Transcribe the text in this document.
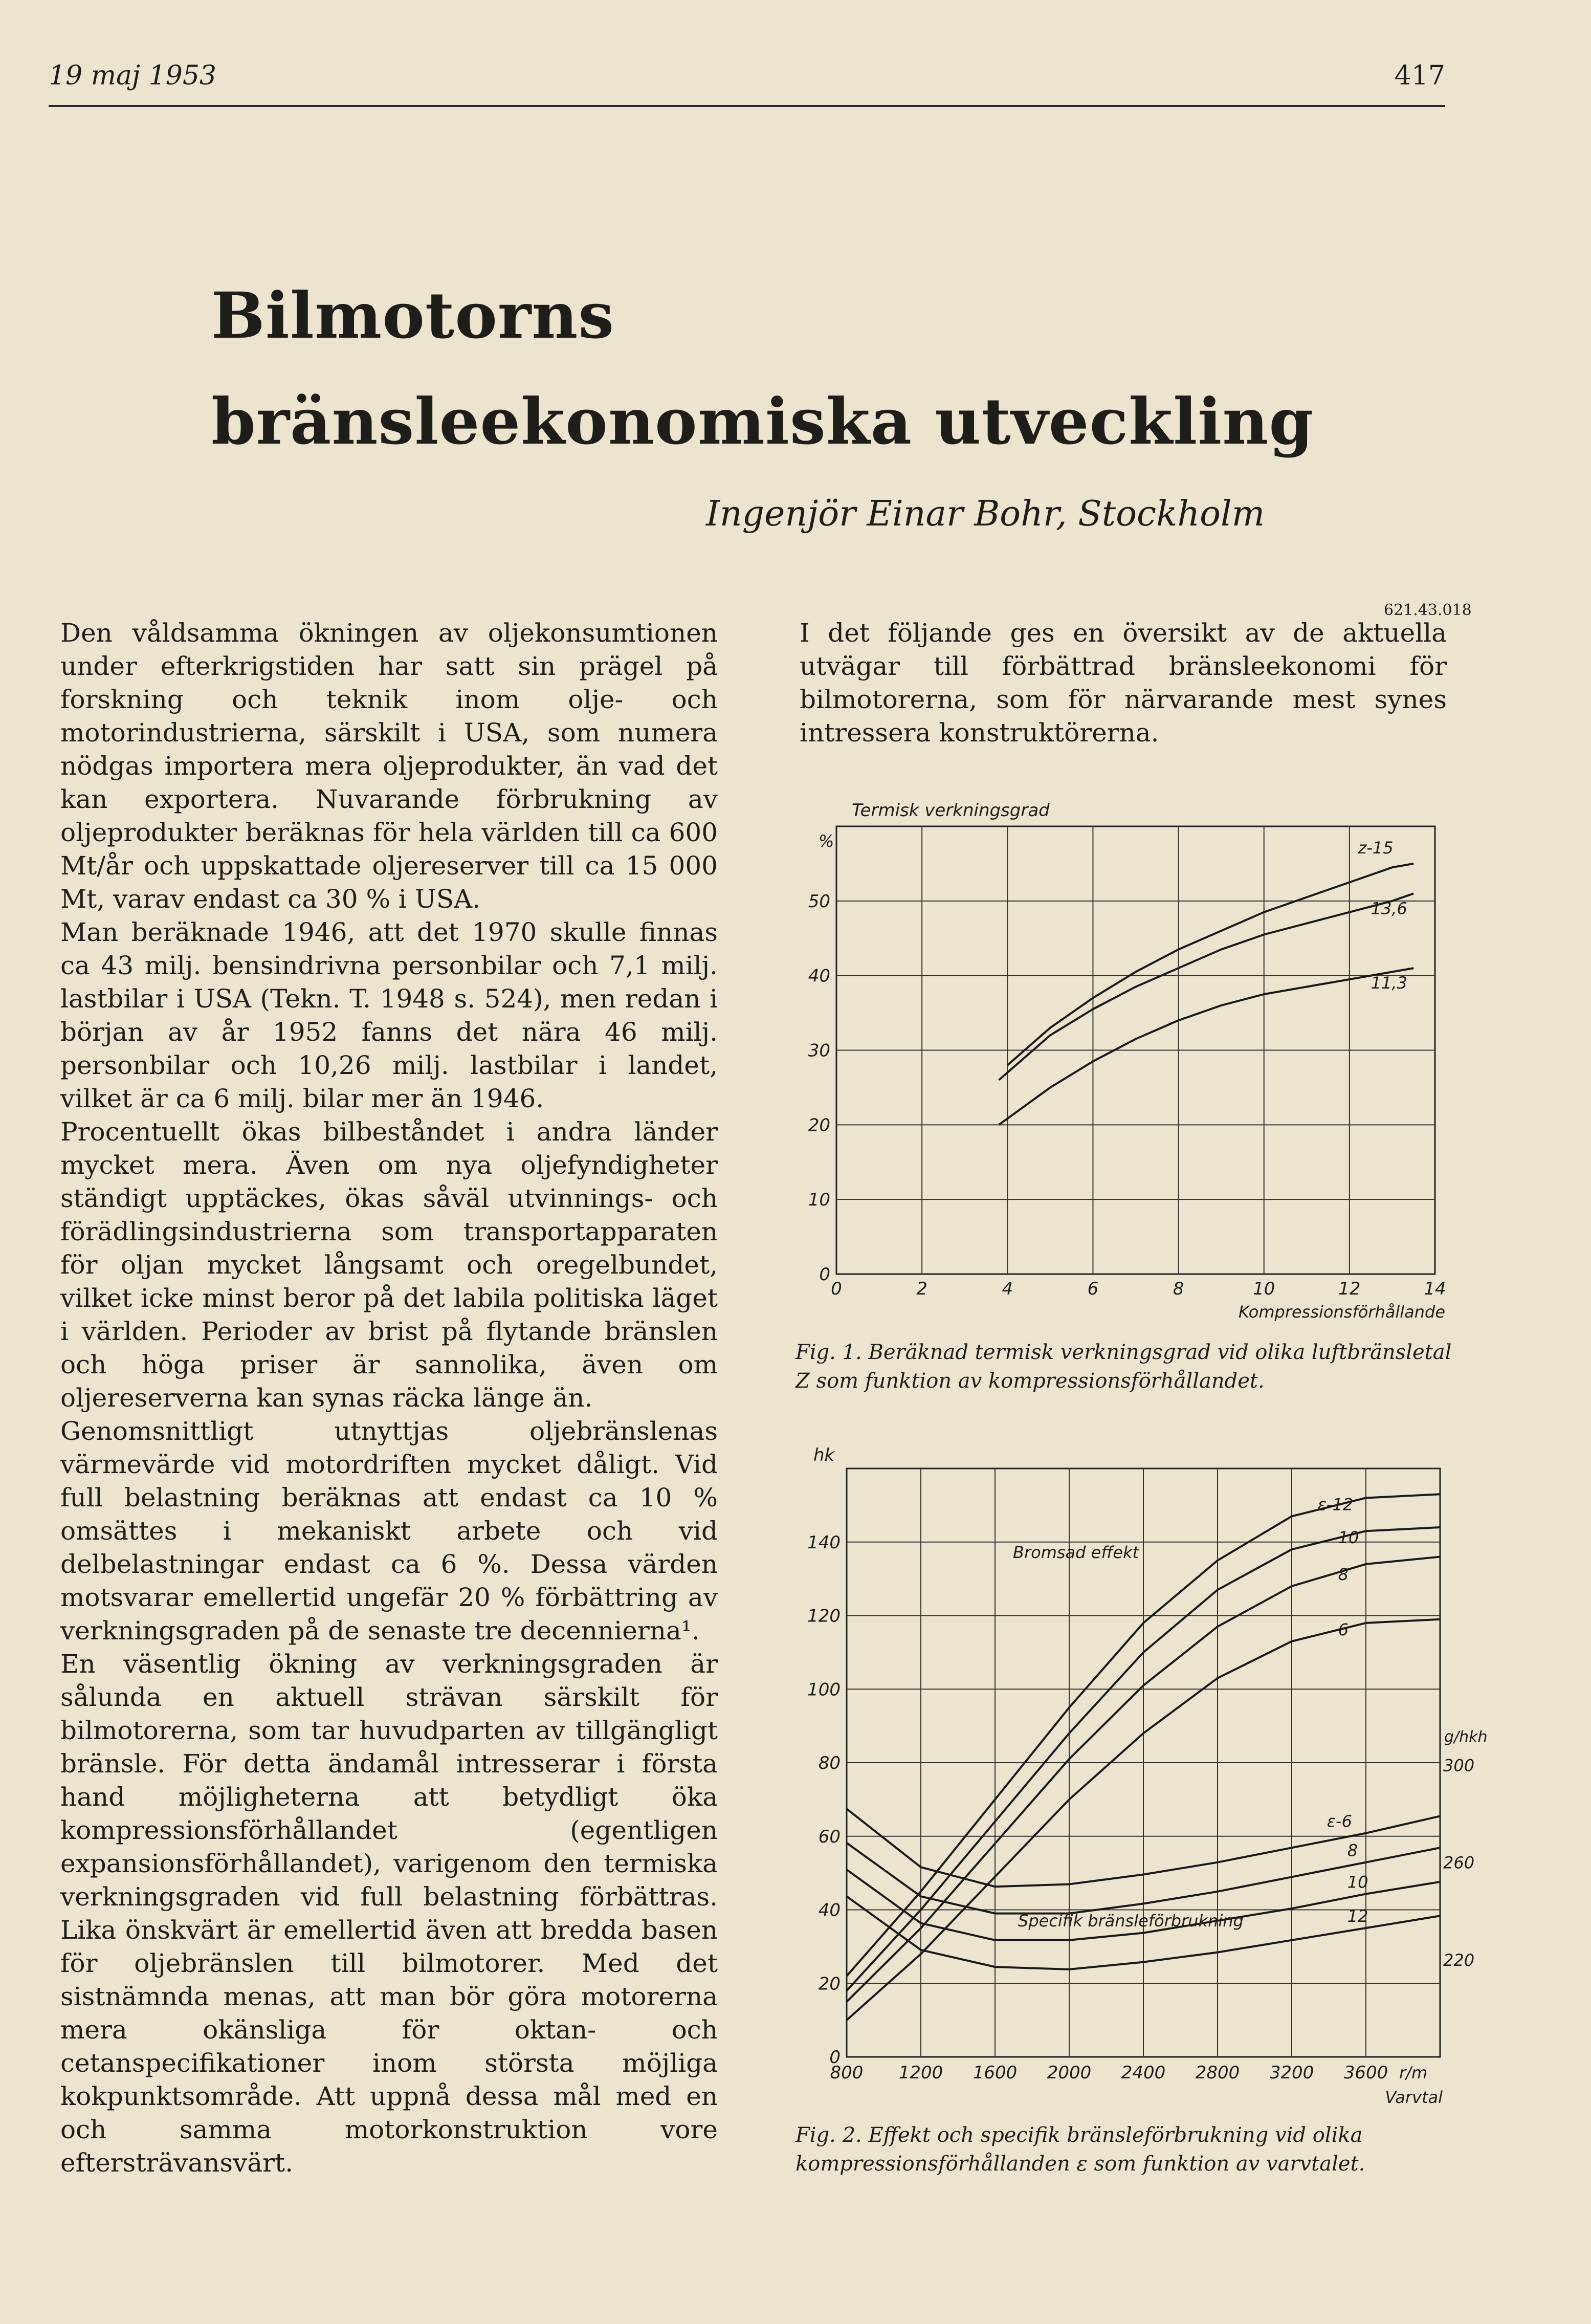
19 maj 1953	417
Bilmotorns
bränsleekonomiska utveckling
Ingenjör Einar Bohr, Stockholm

Den våldsamma ökningen av oljekonsumtionen under efterkrigstiden har satt sin prägel på forskning och teknik inom olje- och motorindustrierna, särskilt i USA, som numera nödgas importera mera oljeprodukter, än vad det kan exportera. Nuvarande förbrukning av oljeprodukter beräknas för hela världen till ca 600 Mt/år och uppskattade oljereserver till ca 15 000 Mt, varav endast ca 30 % i USA.

Man beräknade 1946, att det 1970 skulle finnas ca 43 milj. bensindrivna personbilar och 7,1 milj. lastbilar i USA (Tekn. T. 1948 s. 524), men redan i början av år 1952 fanns det nära 46 milj. personbilar och 10,26 milj. lastbilar i landet, vilket är ca 6 milj. bilar mer än 1946.

Procentuellt ökas bilbeståndet i andra länder mycket mera. Även om nya oljefyndigheter ständigt upptäckes, ökas såväl utvinnings- och förädlingsindustrierna som transportapparaten för oljan mycket långsamt och oregelbundet, vilket icke minst beror på det labila politiska läget i världen. Perioder av brist på flytande bränslen och höga priser är sannolika, även om oljereserverna kan synas räcka länge än.

Genomsnittligt utnyttjas oljebränslenas värmevärde vid motordriften mycket dåligt. Vid full belastning beräknas att endast ca 10 % omsättes i mekaniskt arbete och vid delbelastningar endast ca 6 %. Dessa värden motsvarar emellertid ungefär 20 % förbättring av verkningsgraden på de senaste tre decennierna¹.

En väsentlig ökning av verkningsgraden är sålunda en aktuell strävan särskilt för bilmotorerna, som tar huvudparten av tillgängligt bränsle. För detta ändamål intresserar i första hand möjligheterna att betydligt öka kompressionsförhållandet (egentligen expansionsförhållandet), varigenom den termiska verkningsgraden vid full belastning förbättras. Lika önskvärt är emellertid även att bredda basen för oljebränslen till bilmotorer. Med det sistnämnda menas, att man bör göra motorerna mera okänsliga för oktan- och cetanspecifikationer inom största möjliga kokpunktsområde. Att uppnå dessa mål med en och samma motorkonstruktion vore eftersträvansvärt.

621.43.018

I det följande ges en översikt av de aktuella utvägar till förbättrad bränsleekonomi för bilmotorerna, som för närvarande mest synes intressera konstruktörerna.

0	2	4	6	8	10	12	14
0
10
20
30
40
50
Termisk verkningsgrad
%
Kompressionsförhållande
z-15
13,6
11,3
Fig. 1. Beräknad termisk verkningsgrad vid olika luftbränsletal Z som funktion av kompressionsförhållandet.
800 1200 1600 2000 2400 2800 3200 3600
0
20
40
60
80
100
120
140
220
260
300
hk
g/hkh
r/m
Varvtal
Bromsad effekt
Specifik bränsleförbrukning
ε-12
10
8
6
ε-6
8
10
12
Fig. 2. Effekt och specifik bränsleförbrukning vid olika kompressionsförhållanden ε som funktion av varvtalet.
